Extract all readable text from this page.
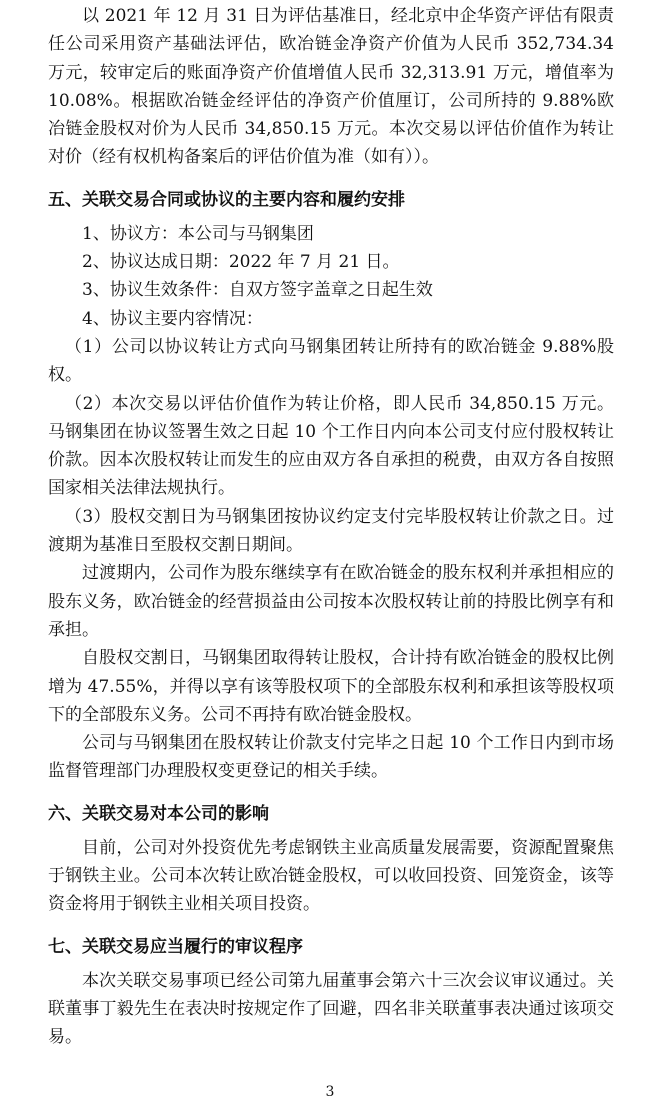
以 2021 年 12 月 31 日为评估基准日，经北京中企华资产评估有限责任公司采用资产基础法评估，欧冶链金净资产价值为人民币 352,734.34 万元，较审定后的账面净资产价值增值人民币 32,313.91 万元，增值率为 10.08%。根据欧冶链金经评估的净资产价值厘订，公司所持的 9.88%欧冶链金股权对价为人民币 34,850.15 万元。本次交易以评估价值作为转让对价（经有权机构备案后的评估价值为准（如有））。

五、关联交易合同或协议的主要内容和履约安排

1、协议方：本公司与马钢集团

2、协议达成日期：2022 年 7 月 21 日。

3、协议生效条件：自双方签字盖章之日起生效

4、协议主要内容情况：

（1）公司以协议转让方式向马钢集团转让所持有的欧冶链金 9.88%股权。

（2）本次交易以评估价值作为转让价格，即人民币 34,850.15 万元。马钢集团在协议签署生效之日起 10 个工作日内向本公司支付应付股权转让价款。因本次股权转让而发生的应由双方各自承担的税费，由双方各自按照国家相关法律法规执行。

（3）股权交割日为马钢集团按协议约定支付完毕股权转让价款之日。过渡期为基准日至股权交割日期间。

过渡期内，公司作为股东继续享有在欧冶链金的股东权利并承担相应的股东义务，欧冶链金的经营损益由公司按本次股权转让前的持股比例享有和承担。

自股权交割日，马钢集团取得转让股权，合计持有欧冶链金的股权比例增为 47.55%，并得以享有该等股权项下的全部股东权利和承担该等股权项下的全部股东义务。公司不再持有欧冶链金股权。

公司与马钢集团在股权转让价款支付完毕之日起 10 个工作日内到市场监督管理部门办理股权变更登记的相关手续。

六、关联交易对本公司的影响

目前，公司对外投资优先考虑钢铁主业高质量发展需要，资源配置聚焦于钢铁主业。公司本次转让欧冶链金股权，可以收回投资、回笼资金，该等资金将用于钢铁主业相关项目投资。

七、关联交易应当履行的审议程序

本次关联交易事项已经公司第九届董事会第六十三次会议审议通过。关联董事丁毅先生在表决时按规定作了回避，四名非关联董事表决通过该项交易。

3
